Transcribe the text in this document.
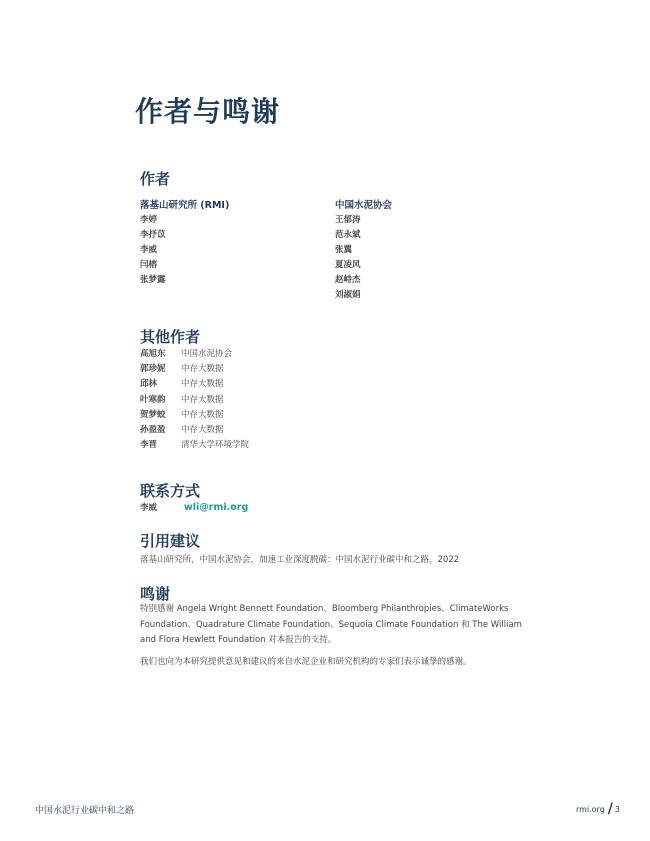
作者与鸣谢
作者
落基山研究所 (RMI)
李婷
李抒苡
李威
闫榕
张梦露
中国水泥协会
王郁涛
范永斌
张翼
夏凌风
赵峙杰
刘淑娟
其他作者
高旭东	中国水泥协会
郭珍妮	中存大数据
邱林	中存大数据
叶寒韵	中存大数据
贺梦蛟	中存大数据
孙盈盈	中存大数据
李晋	清华大学环境学院
联系方式
李威	wli@rmi.org
引用建议
落基山研究所，中国水泥协会，加速工业深度脱碳：中国水泥行业碳中和之路，2022
鸣谢
特别感谢 Angela Wright Bennett Foundation、Bloomberg Philanthropies、ClimateWorks Foundation、Quadrature Climate Foundation、Sequoia Climate Foundation 和 The William and Flora Hewlett Foundation 对本报告的支持。
我们也向为本研究提供意见和建议的来自水泥企业和研究机构的专家们表示诚挚的感谢。
中国水泥行业碳中和之路	rmi.org / 3
